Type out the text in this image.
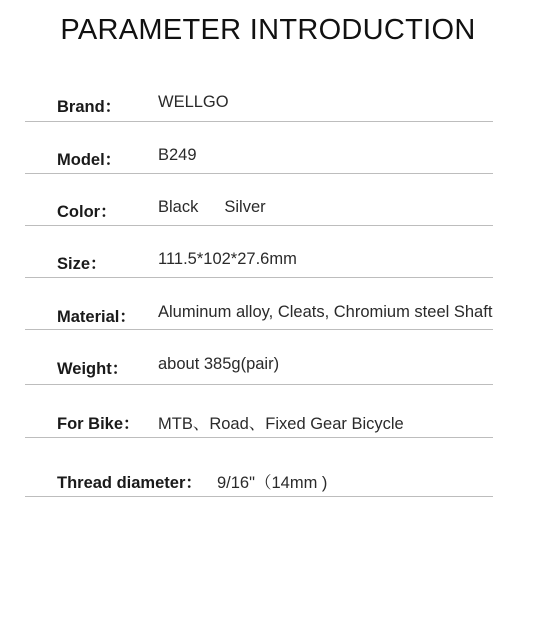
PARAMETER INTRODUCTION
Brand： WELLGO
Model： B249
Color：	Black Silver
Size：	111.5*102*27.6mm
Material： Aluminum alloy, Cleats, Chromium steel Shaft
Weight： about 385g(pair)
For Bike： MTB、Road、Fixed Gear Bicycle
Thread diameter： 9/16"（14mm )
